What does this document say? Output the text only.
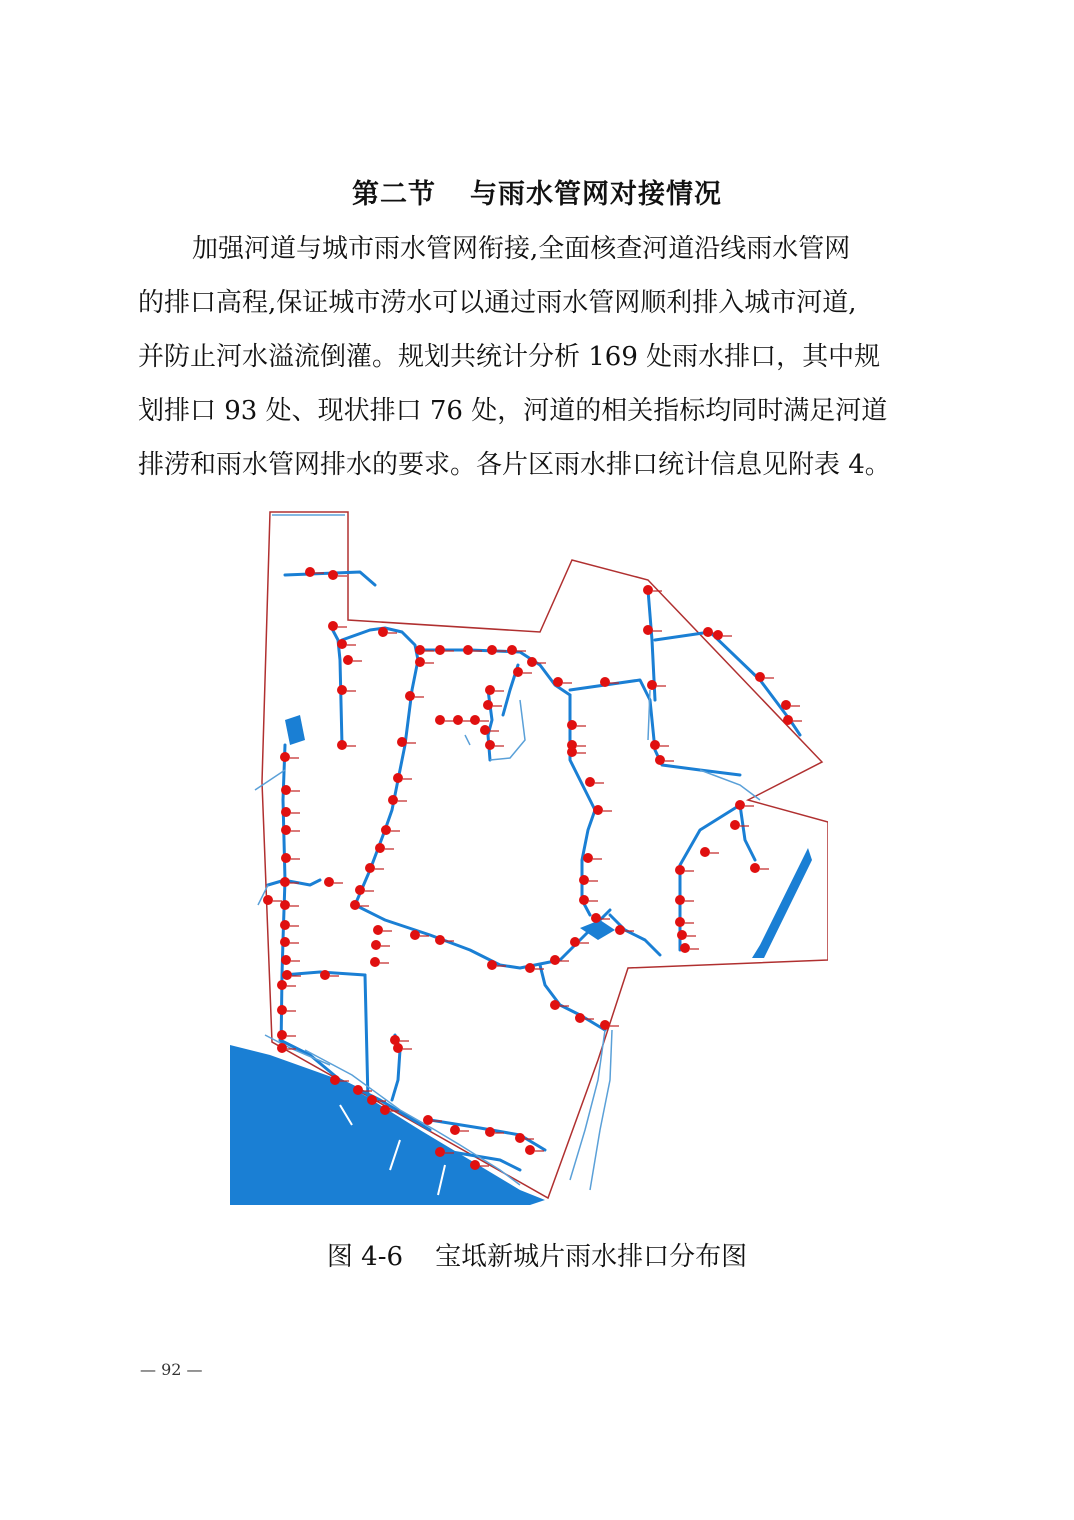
第二节 与雨水管网对接情况
加强河道与城市雨水管网衔接,全面核查河道沿线雨水管网
的排口高程,保证城市涝水可以通过雨水管网顺利排入城市河道,
并防止河水溢流倒灌。规划共统计分析 169 处雨水排口，其中规
划排口 93 处、现状排口 76 处，河道的相关指标均同时满足河道
排涝和雨水管网排水的要求。各片区雨水排口统计信息见附表 4。

图 4-6 宝坻新城片雨水排口分布图

— 92 —
